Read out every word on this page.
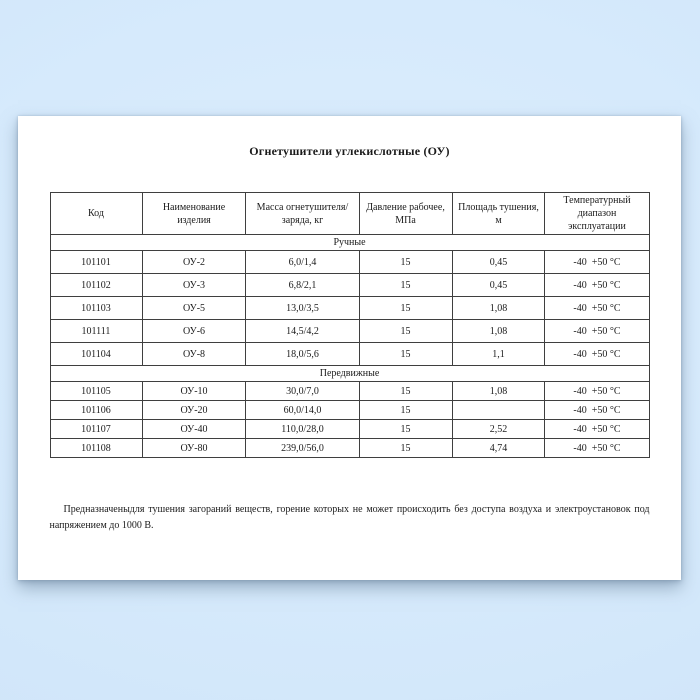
Огнетушители углекислотные (ОУ)

Код	Наименование изделия	Масса огнетушителя/ заряда, кг	Давление рабочее, МПа	Площадь тушения, м	Температурный диапазон эксплуатации
Ручные					
101101	ОУ-2	6,0/1,4	15	0,45	-40 +50 °C
101102	ОУ-3	6,8/2,1	15	0,45	-40 +50 °C
101103	ОУ-5	13,0/3,5	15	1,08	-40 +50 °C
101111	ОУ-6	14,5/4,2	15	1,08	-40 +50 °C
101104	ОУ-8	18,0/5,6	15	1,1	-40 +50 °C
Передвижные					
101105	ОУ-10	30,0/7,0	15	1,08	-40 +50 °C
101106	ОУ-20	60,0/14,0	15		-40 +50 °C
101107	ОУ-40	110,0/28,0	15	2,52	-40 +50 °C
101108	ОУ-80	239,0/56,0	15	4,74	-40 +50 °C

Предназначеныдля тушения загораний веществ, горение которых не может происходить без доступа воздуха и электроустановок под напряжением до 1000 В.
